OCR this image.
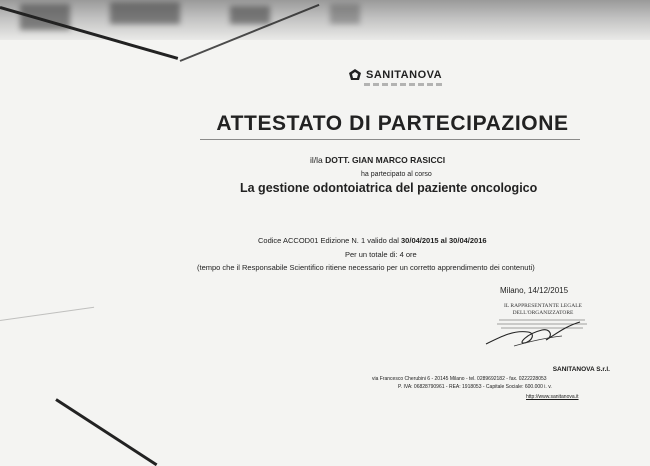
SANITANOVA
ATTESTATO DI PARTECIPAZIONE
il/la DOTT. GIAN MARCO RASICCI
ha partecipato al corso
La gestione odontoiatrica del paziente oncologico
Codice ACCOD01 Edizione N. 1 valido dal 30/04/2015 al 30/04/2016
Per un totale di: 4 ore
(tempo che il Responsabile Scientifico ritiene necessario per un corretto apprendimento dei contenuti)
Milano, 14/12/2015
IL RAPPRESENTANTE LEGALE
DELL'ORGANIZZATORE
SANITANOVA S.r.l.
via Francesco Cherubini 6 - 20145 Milano - tel. 0289692182 - fax. 0222228053
P. IVA: 06828790961 - REA: 1918053 - Capitale Sociale: 600.000 i. v.
http://www.sanitanova.it
